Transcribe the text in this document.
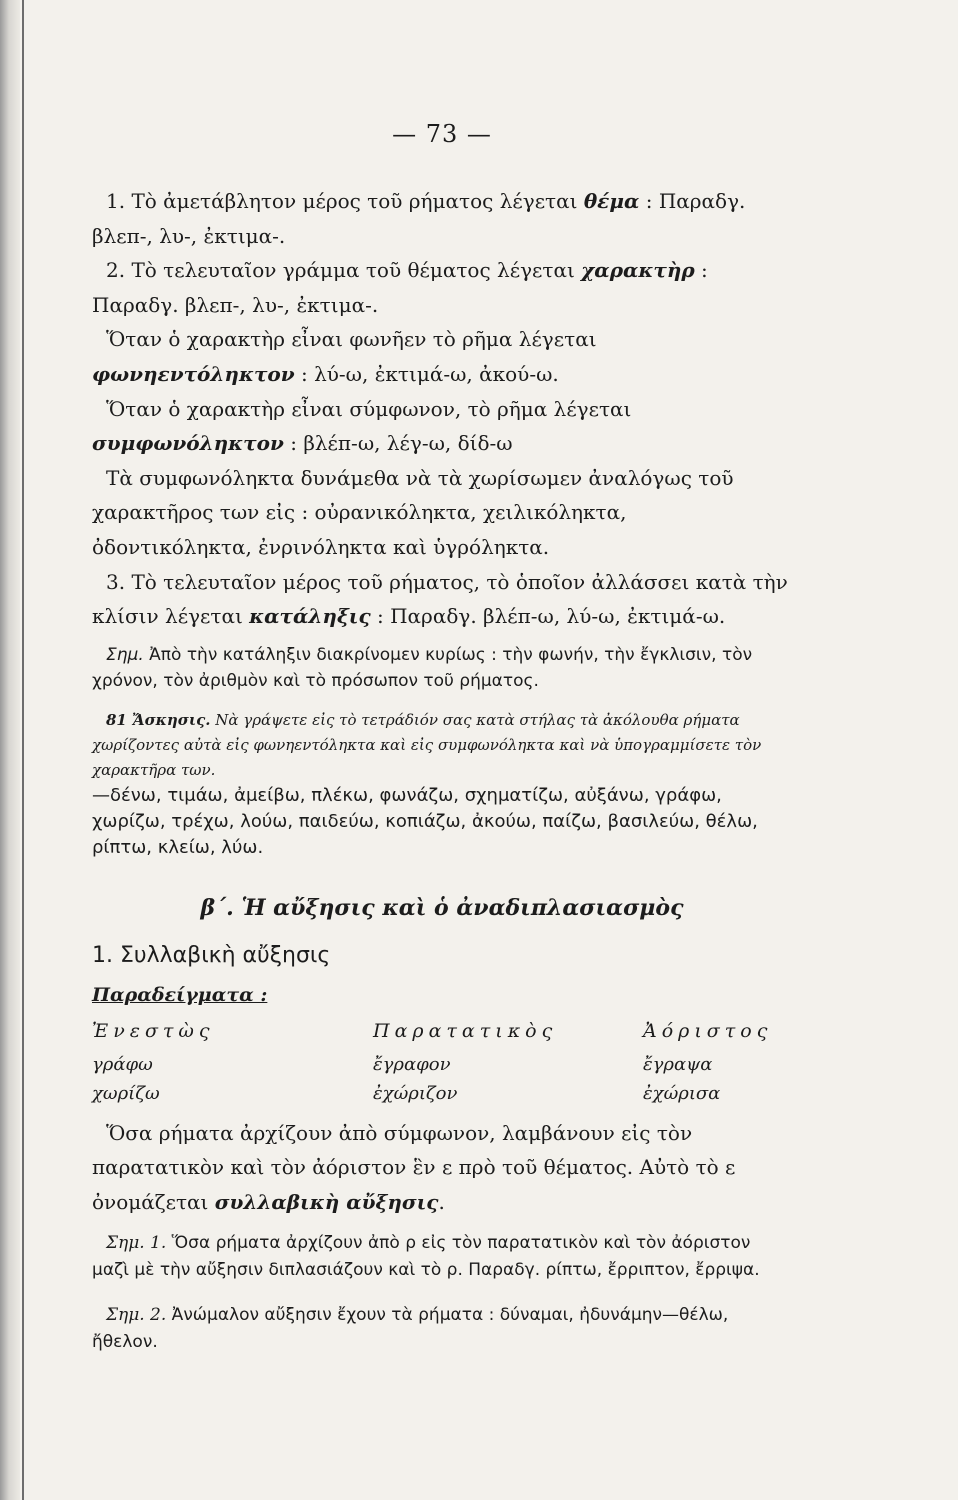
— 73 —

1. Τὸ ἀμετάβλητον μέρος τοῦ ρήματος λέγεται θέμα : Παραδγ. βλεπ-, λυ-, ἐκτιμα-.

2. Τὸ τελευταῖον γράμμα τοῦ θέματος λέγεται χαρακτὴρ : Παραδγ. βλεπ-, λυ-, ἐκτιμα-.

Ὅταν ὁ χαρακτὴρ εἶναι φωνῆεν τὸ ρῆμα λέγεται φωνηεντόληκτον : λύ-ω, ἐκτιμά-ω, ἀκού-ω.

Ὅταν ὁ χαρακτὴρ εἶναι σύμφωνον, τὸ ρῆμα λέγεται συμφωνόληκτον : βλέπ-ω, λέγ-ω, δίδ-ω

Τὰ συμφωνόληκτα δυνάμεθα νὰ τὰ χωρίσωμεν ἀναλόγως τοῦ χαρακτῆρος των εἰς : οὐρανικόληκτα, χειλικόληκτα, ὀδοντικόληκτα, ἐνρινόληκτα καὶ ὑγρόληκτα.

3. Τὸ τελευταῖον μέρος τοῦ ρήματος, τὸ ὁποῖον ἀλλάσσει κατὰ τὴν κλίσιν λέγεται κατάληξις : Παραδγ. βλέπ-ω, λύ-ω, ἐκτιμά-ω.

Σημ. Ἀπὸ τὴν κατάληξιν διακρίνομεν κυρίως : τὴν φωνήν, τὴν ἔγκλισιν, τὸν χρόνον, τὸν ἀριθμὸν καὶ τὸ πρόσωπον τοῦ ρήματος.

81 Ἄσκησις. Νὰ γράψετε εἰς τὸ τετράδιόν σας κατὰ στήλας τὰ ἀκόλουθα ρήματα χωρίζοντες αὐτὰ εἰς φωνηεντόληκτα καὶ εἰς συμφωνόληκτα καὶ νὰ ὑπογραμμίσετε τὸν χαρακτῆρα των.

—δένω, τιμάω, ἀμείβω, πλέκω, φωνάζω, σχηματίζω, αὐξάνω, γράφω, χωρίζω, τρέχω, λούω, παιδεύω, κοπιάζω, ἀκούω, παίζω, βασιλεύω, θέλω, ρίπτω, κλείω, λύω.

β΄. Ἡ αὔξησις καὶ ὁ ἀναδιπλασιασμὸς
1. Συλλαβικὴ αὔξησις
Παραδείγματα :
Ἐνεστὼς	Παρατατικὸς	Ἀόριστος
γράφω	ἔγραφον	ἔγραψα
χωρίζω	ἐχώριζον	ἐχώρισα

Ὅσα ρήματα ἀρχίζουν ἀπὸ σύμφωνον, λαμβάνουν εἰς τὸν παρατατικὸν καὶ τὸν ἀόριστον ἓν ε πρὸ τοῦ θέματος. Αὐτὸ τὸ ε ὀνομάζεται συλλαβικὴ αὔξησις.

Σημ. 1. Ὅσα ρήματα ἀρχίζουν ἀπὸ ρ εἰς τὸν παρατατικὸν καὶ τὸν ἀόριστον μαζὶ μὲ τὴν αὔξησιν διπλασιάζουν καὶ τὸ ρ. Παραδγ. ρίπτω, ἔρριπτον, ἔρριψα.

Σημ. 2. Ἀνώμαλον αὔξησιν ἔχουν τὰ ρήματα : δύναμαι, ἠδυνάμην—θέλω, ἤθελον.
